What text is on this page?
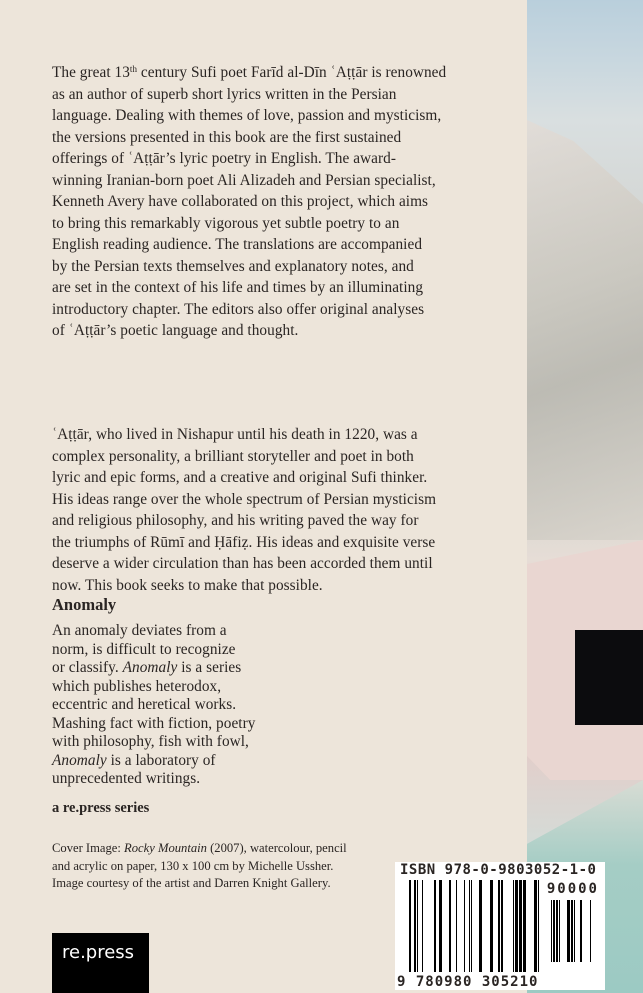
The great 13th century Sufi poet Farīd al-Dīn ʿAṭṭār is renowned
as an author of superb short lyrics written in the Persian
language. Dealing with themes of love, passion and mysticism,
the versions presented in this book are the first sustained
offerings of ʿAṭṭār’s lyric poetry in English. The award-
winning Iranian-born poet Ali Alizadeh and Persian specialist,
Kenneth Avery have collaborated on this project, which aims
to bring this remarkably vigorous yet subtle poetry to an
English reading audience. The translations are accompanied
by the Persian texts themselves and explanatory notes, and
are set in the context of his life and times by an illuminating
introductory chapter. The editors also offer original analyses
of ʿAṭṭār’s poetic language and thought.
ʿAṭṭār, who lived in Nishapur until his death in 1220, was a
complex personality, a brilliant storyteller and poet in both
lyric and epic forms, and a creative and original Sufi thinker.
His ideas range over the whole spectrum of Persian mysticism
and religious philosophy, and his writing paved the way for
the triumphs of Rūmī and Ḥāfiẓ. His ideas and exquisite verse
deserve a wider circulation than has been accorded them until
now. This book seeks to make that possible.
Anomaly
An anomaly deviates from a
norm, is difficult to recognize
or classify. Anomaly is a series
which publishes heterodox,
eccentric and heretical works.
Mashing fact with fiction, poetry
with philosophy, fish with fowl,
Anomaly is a laboratory of
unprecedented writings.
a re.press series
Cover Image: Rocky Mountain (2007), watercolour, pencil
and acrylic on paper, 130 x 100 cm by Michelle Ussher.
Image courtesy of the artist and Darren Knight Gallery.
re.press
ISBN 978-0-9803052-1-0
90000
9 780980 305210
